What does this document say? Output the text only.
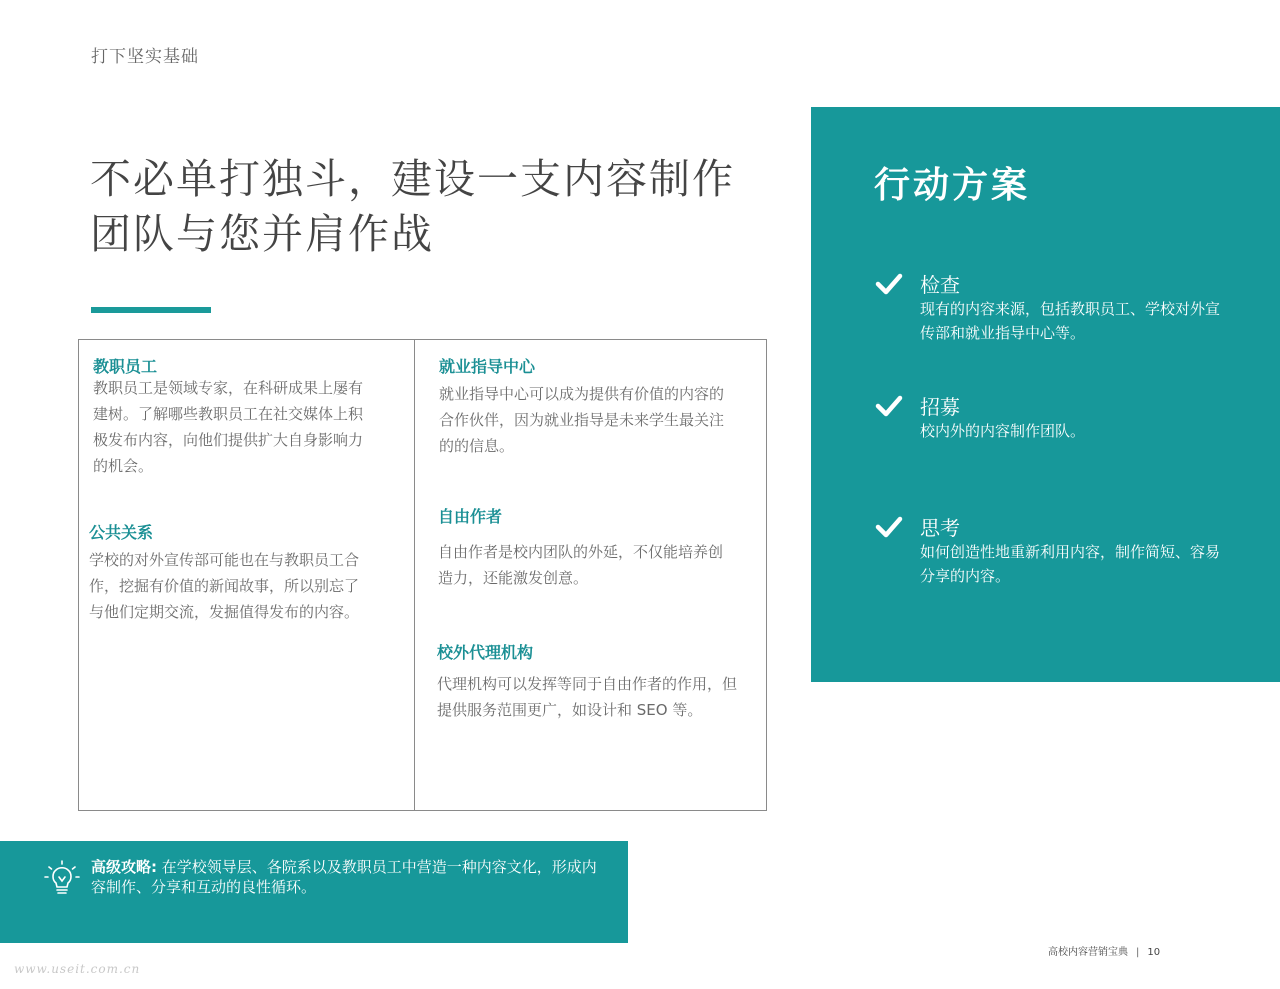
打下坚实基础
不必单打独斗，建设一支内容制作
团队与您并肩作战
教职员工
教职员工是领域专家，在科研成果上屡有建树。了解哪些教职员工在社交媒体上积极发布内容，向他们提供扩大自身影响力的机会。
公共关系
学校的对外宣传部可能也在与教职员工合作，挖掘有价值的新闻故事，所以别忘了与他们定期交流，发掘值得发布的内容。
就业指导中心
就业指导中心可以成为提供有价值的内容的合作伙伴，因为就业指导是未来学生最关注的的信息。
自由作者
自由作者是校内团队的外延，不仅能培养创造力，还能激发创意。
校外代理机构
代理机构可以发挥等同于自由作者的作用，但提供服务范围更广，如设计和 SEO 等。
行动方案
检查
现有的内容来源，包括教职员工、学校对外宣传部和就业指导中心等。
招募
校内外的内容制作团队。
思考
如何创造性地重新利用内容，制作简短、容易分享的内容。
高级攻略: 在学校领导层、各院系以及教职员工中营造一种内容文化，形成内容制作、分享和互动的良性循环。
高校内容营销宝典 | 10
www.useit.com.cn
